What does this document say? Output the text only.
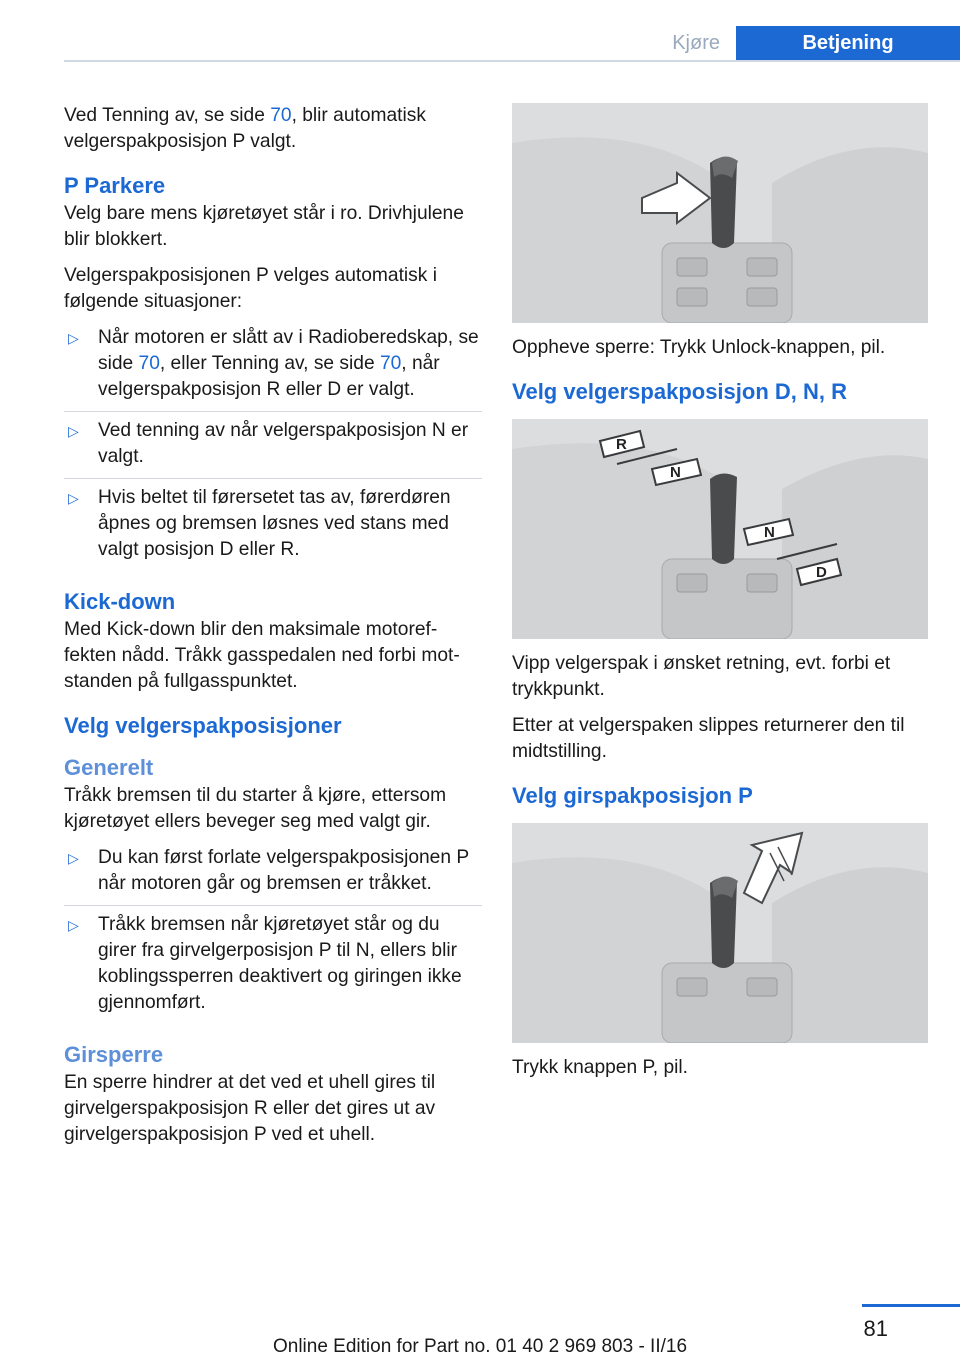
Kjøre	Betjening

Ved Tenning av, se side 70, blir automatisk velgerspakposisjon P valgt.

P Parkere

Velg bare mens kjøretøyet står i ro. Drivhjulene blir blokkert.

Velgerspakposisjonen P velges automatisk i følgende situasjoner:

▷ Når motoren er slått av i Radioberedskap, se side 70, eller Tenning av, se side 70, når velgerspakposisjon R eller D er valgt.
▷ Ved tenning av når velgerspakposisjon N er valgt.
▷ Hvis beltet til førersetet tas av, førerdøren åpnes og bremsen løsnes ved stans med valgt posisjon D eller R.
Kick-down

Med Kick-down blir den maksimale motoreffekten nådd. Tråkk gasspedalen ned forbi motstanden på fullgasspunktet.

Velg velgerspakposisjoner
Generelt

Tråkk bremsen til du starter å kjøre, ettersom kjøretøyet ellers beveger seg med valgt gir.

▷ Du kan først forlate velgerspakposisjonen P når motoren går og bremsen er tråkket.
▷ Tråkk bremsen når kjøretøyet står og du girer fra girvelgerposisjon P til N, ellers blir koblingssperren deaktivert og giringen ikke gjennomført.
Girsperre

En sperre hindrer at det ved et uhell gires til girvelgerspakposisjon R eller det gires ut av girvelgerspakposisjon P ved et uhell.

Oppheve sperre: Trykk Unlock-knappen, pil.

Velg velgerspakposisjon D, N, R
R
N
N
D

Vipp velgerspak i ønsket retning, evt. forbi et trykkpunkt.

Etter at velgerspaken slippes returnerer den til midtstilling.

Velg girspakposisjon P

Trykk knappen P, pil.

81
Online Edition for Part no. 01 40 2 969 803 - II/16
